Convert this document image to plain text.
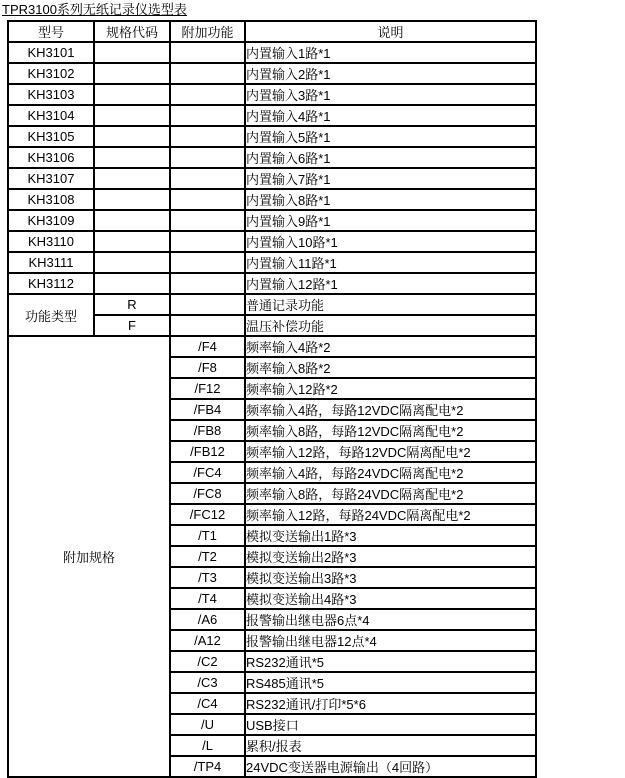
TPR3100系列无纸记录仪选型表
型号	规格代码	附加功能	说明
KH3101			内置输入1路*1
KH3102			内置输入2路*1
KH3103			内置输入3路*1
KH3104			内置输入4路*1
KH3105			内置输入5路*1
KH3106			内置输入6路*1
KH3107			内置输入7路*1
KH3108			内置输入8路*1
KH3109			内置输入9路*1
KH3110			内置输入10路*1
KH3111			内置输入11路*1
KH3112			内置输入12路*1
功能类型	R		普通记录功能
	F		温压补偿功能
附加规格		/F4	频率输入4路*2
		/F8	频率输入8路*2
		/F12	频率输入12路*2
		/FB4	频率输入4路，每路12VDC隔离配电*2
		/FB8	频率输入8路，每路12VDC隔离配电*2
		/FB12	频率输入12路，每路12VDC隔离配电*2
		/FC4	频率输入4路，每路24VDC隔离配电*2
		/FC8	频率输入8路，每路24VDC隔离配电*2
		/FC12	频率输入12路，每路24VDC隔离配电*2
		/T1	模拟变送输出1路*3
		/T2	模拟变送输出2路*3
		/T3	模拟变送输出3路*3
		/T4	模拟变送输出4路*3
		/A6	报警输出继电器6点*4
		/A12	报警输出继电器12点*4
		/C2	RS232通讯*5
		/C3	RS485通讯*5
		/C4	RS232通讯/打印*5*6
		/U	USB接口
		/L	累积/报表
		/TP4	24VDC变送器电源输出（4回路）
